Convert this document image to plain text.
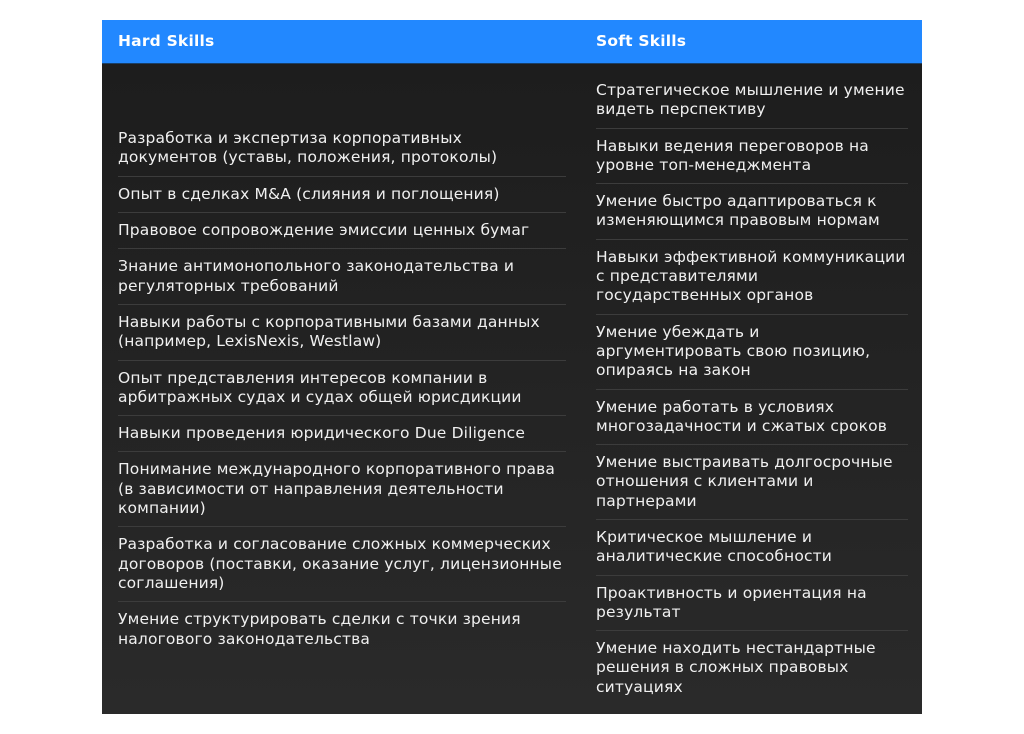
Hard Skills	Soft Skills
Разработка и экспертиза корпоративных документов (уставы, положения, протоколы)
Опыт в сделках M&A (слияния и поглощения)
Правовое сопровождение эмиссии ценных бумаг
Знание антимонопольного законодательства и регуляторных требований
Навыки работы с корпоративными базами данных (например, LexisNexis, Westlaw)
Опыт представления интересов компании в арбитражных судах и судах общей юрисдикции
Навыки проведения юридического Due Diligence
Понимание международного корпоративного права (в зависимости от направления деятельности компании)
Разработка и согласование сложных коммерческих договоров (поставки, оказание услуг, лицензионные соглашения)
Умение структурировать сделки с точки зрения налогового законодательства
Стратегическое мышление и умение видеть перспективу
Навыки ведения переговоров на уровне топ-менеджмента
Умение быстро адаптироваться к изменяющимся правовым нормам
Навыки эффективной коммуникации с представителями государственных органов
Умение убеждать и аргументировать свою позицию, опираясь на закон
Умение работать в условиях многозадачности и сжатых сроков
Умение выстраивать долгосрочные отношения с клиентами и партнерами
Критическое мышление и аналитические способности
Проактивность и ориентация на результат
Умение находить нестандартные решения в сложных правовых ситуациях
